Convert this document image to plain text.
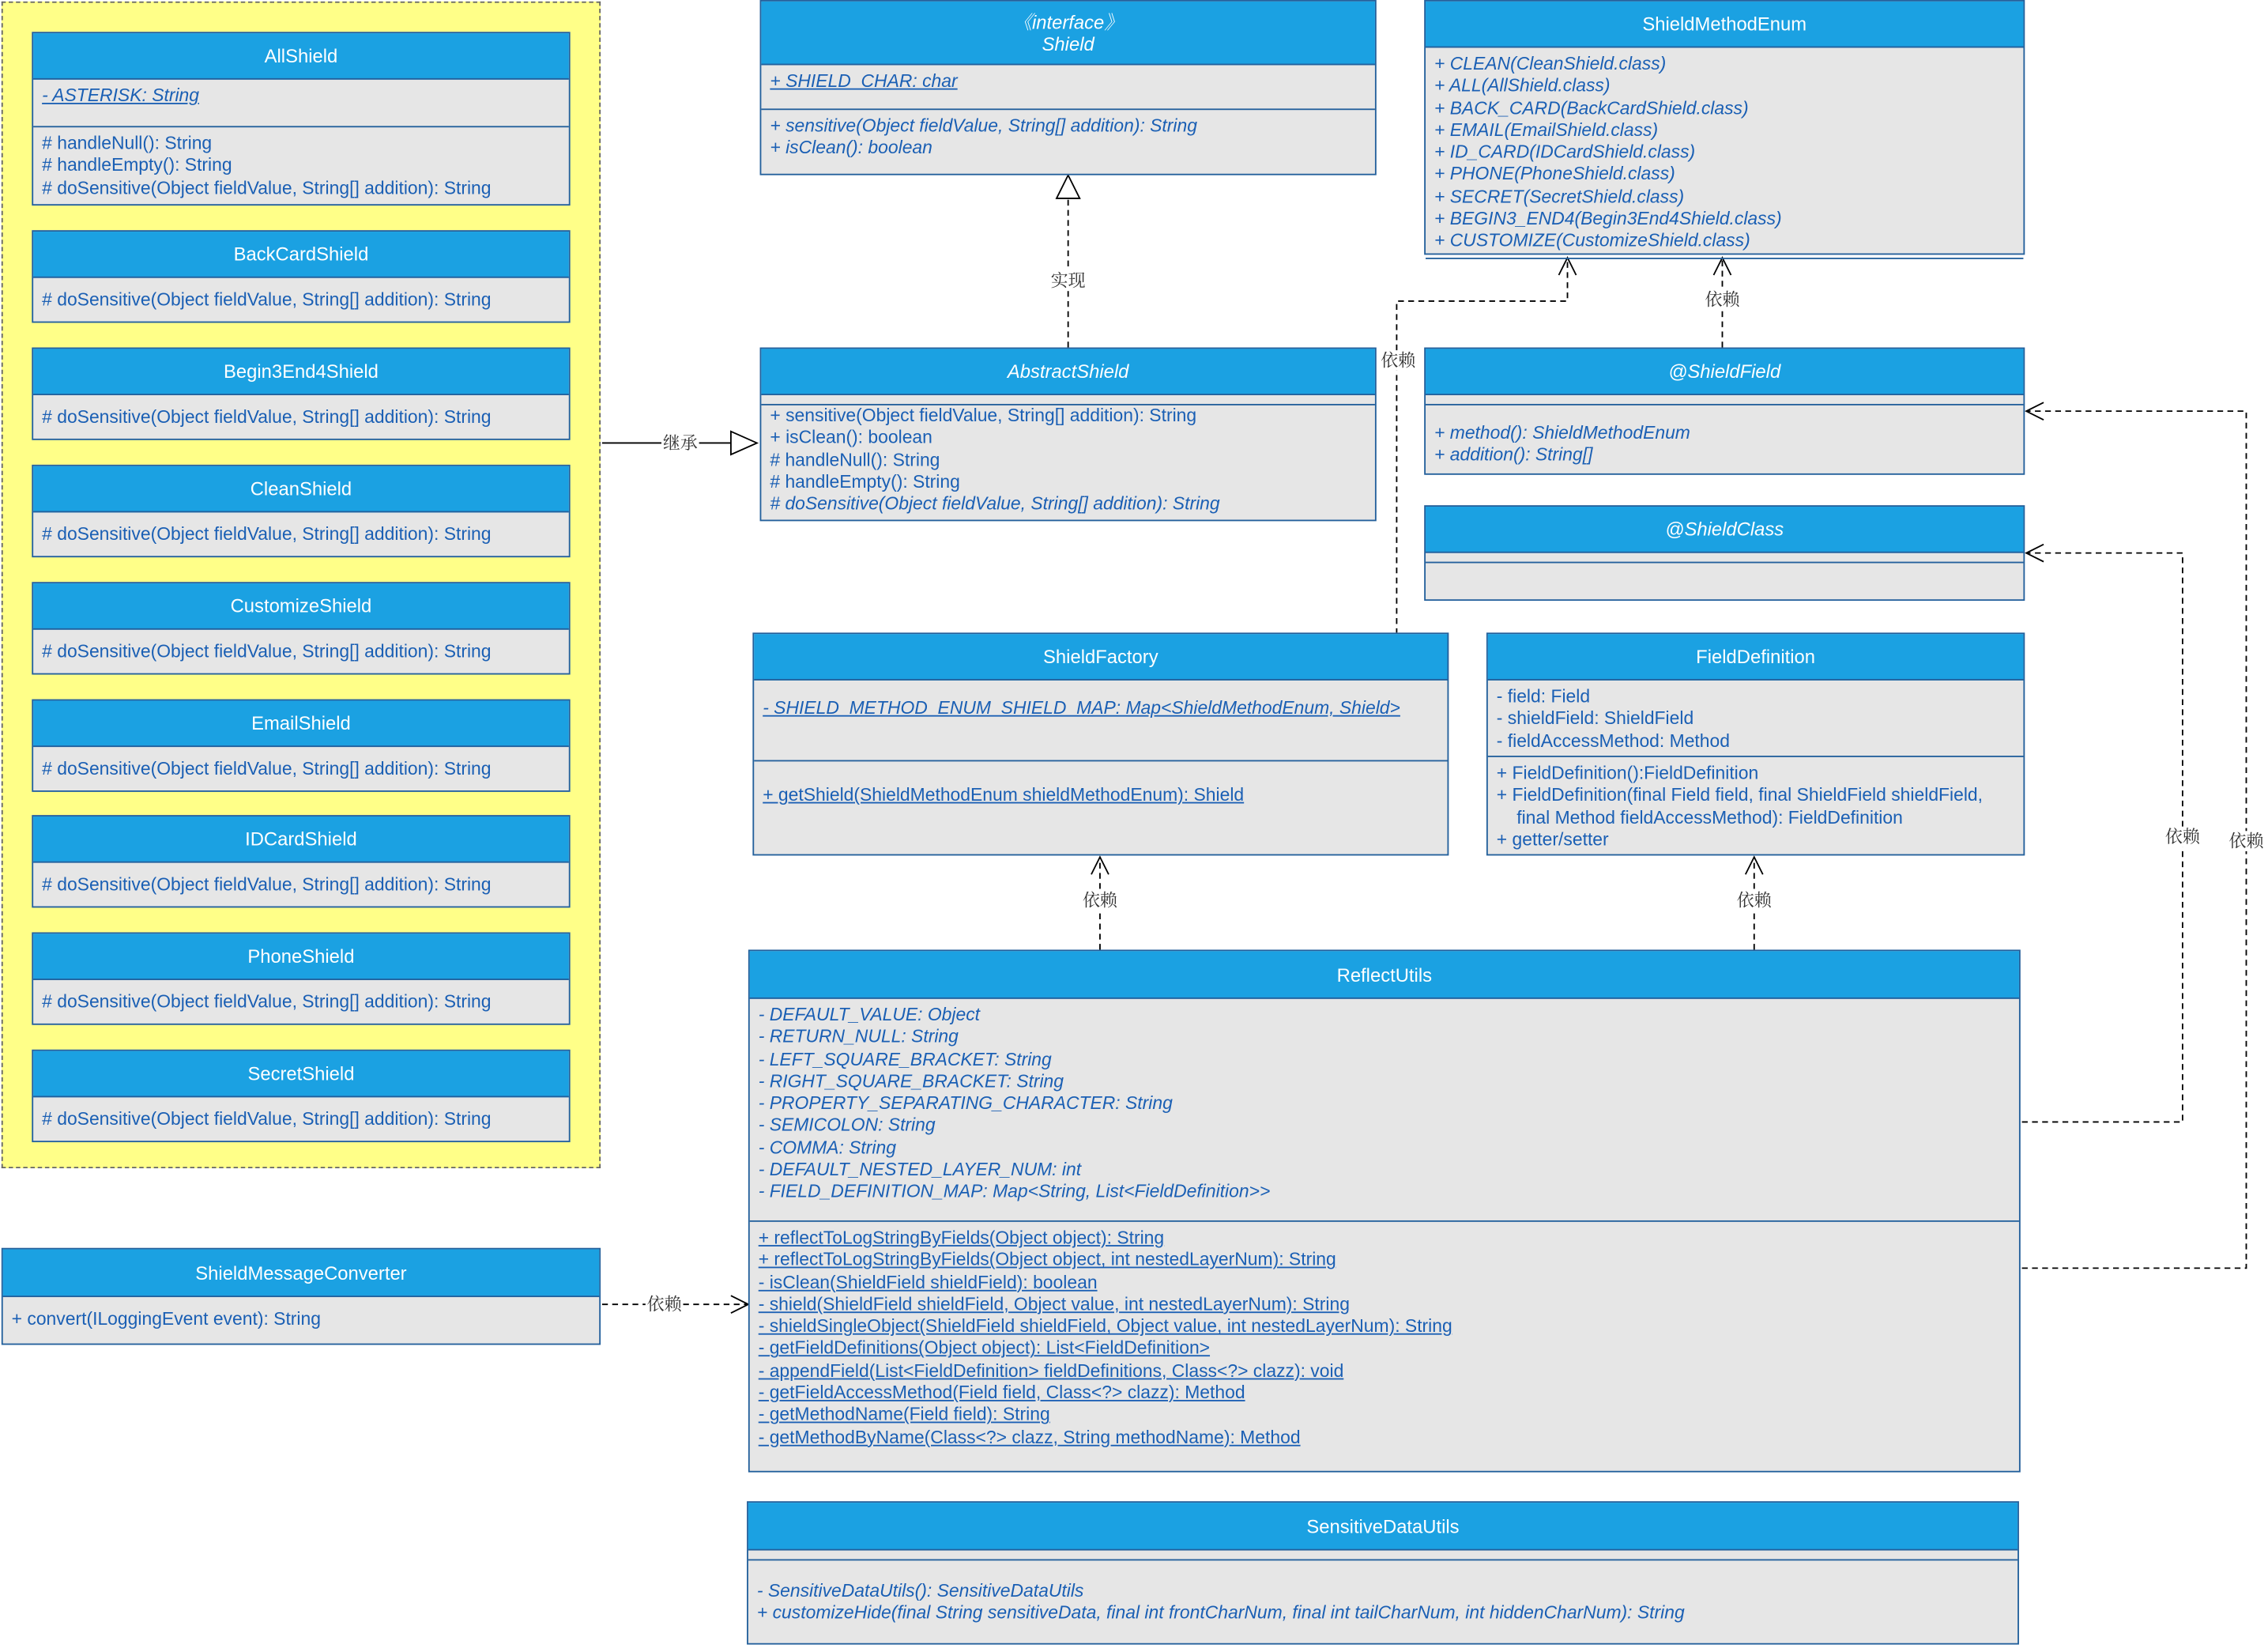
AllShield
- ASTERISK: String
# handleNull(): String
# handleEmpty(): String
# doSensitive(Object fieldValue, String[] addition): String
BackCardShield
# doSensitive(Object fieldValue, String[] addition): String
Begin3End4Shield
# doSensitive(Object fieldValue, String[] addition): String
CleanShield
# doSensitive(Object fieldValue, String[] addition): String
CustomizeShield
# doSensitive(Object fieldValue, String[] addition): String
EmailShield
# doSensitive(Object fieldValue, String[] addition): String
IDCardShield
# doSensitive(Object fieldValue, String[] addition): String
PhoneShield
# doSensitive(Object fieldValue, String[] addition): String
SecretShield
# doSensitive(Object fieldValue, String[] addition): String
《interface》
Shield
+ SHIELD_CHAR: char
+ sensitive(Object fieldValue, String[] addition): String
+ isClean(): boolean
AbstractShield
+ sensitive(Object fieldValue, String[] addition): String
+ isClean(): boolean
# handleNull(): String
# handleEmpty(): String
# doSensitive(Object fieldValue, String[] addition): String
ShieldMethodEnum
+ CLEAN(CleanShield.class)
+ ALL(AllShield.class)
+ BACK_CARD(BackCardShield.class)
+ EMAIL(EmailShield.class)
+ ID_CARD(IDCardShield.class)
+ PHONE(PhoneShield.class)
+ SECRET(SecretShield.class)
+ BEGIN3_END4(Begin3End4Shield.class)
+ CUSTOMIZE(CustomizeShield.class)
@ShieldField
+ method(): ShieldMethodEnum
+ addition(): String[]
@ShieldClass
ShieldFactory
- SHIELD_METHOD_ENUM_SHIELD_MAP: Map<ShieldMethodEnum, Shield>
+ getShield(ShieldMethodEnum shieldMethodEnum): Shield
FieldDefinition
- field: Field
- shieldField: ShieldField
- fieldAccessMethod: Method
+ FieldDefinition():FieldDefinition
+ FieldDefinition(final Field field, final ShieldField shieldField,
final Method fieldAccessMethod): FieldDefinition
+ getter/setter
ReflectUtils
- DEFAULT_VALUE: Object
- RETURN_NULL: String
- LEFT_SQUARE_BRACKET: String
- RIGHT_SQUARE_BRACKET: String
- PROPERTY_SEPARATING_CHARACTER: String
- SEMICOLON: String
- COMMA: String
- DEFAULT_NESTED_LAYER_NUM: int
- FIELD_DEFINITION_MAP: Map<String, List<FieldDefinition>>
+ reflectToLogStringByFields(Object object): String
+ reflectToLogStringByFields(Object object, int nestedLayerNum): String
- isClean(ShieldField shieldField): boolean
- shield(ShieldField shieldField, Object value, int nestedLayerNum): String
- shieldSingleObject(ShieldField shieldField, Object value, int nestedLayerNum): String
- getFieldDefinitions(Object object): List<FieldDefinition>
- appendField(List<FieldDefinition> fieldDefinitions, Class<?> clazz): void
- getFieldAccessMethod(Field field, Class<?> clazz): Method
- getMethodName(Field field): String
- getMethodByName(Class<?> clazz, String methodName): Method
ShieldMessageConverter
+ convert(ILoggingEvent event): String
SensitiveDataUtils
- SensitiveDataUtils(): SensitiveDataUtils
+ customizeHide(final String sensitiveData, final int frontCharNum, final int tailCharNum, int hiddenCharNum): String
继承
实现
依赖
依赖
依赖	依赖
依赖	依赖
依赖
